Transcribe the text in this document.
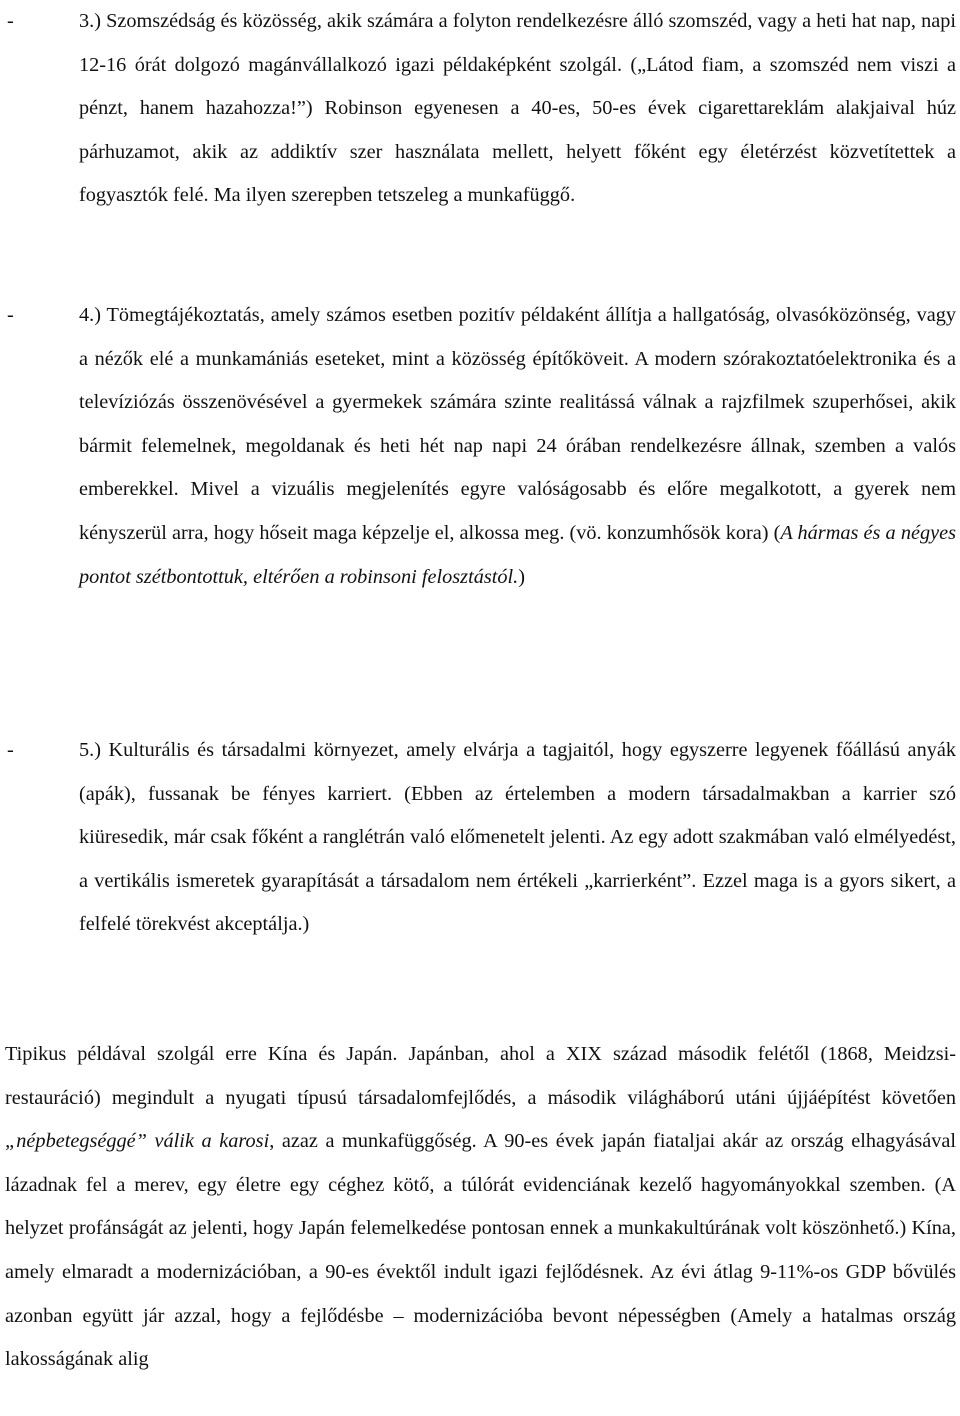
-	3.) Szomszédság és közösség, akik számára a folyton rendelkezésre álló szomszéd, vagy a heti hat nap, napi 12-16 órát dolgozó magánvállalkozó igazi példaképként szolgál. („Látod fiam, a szomszéd nem viszi a pénzt, hanem hazahozza!”) Robinson egyenesen a 40-es, 50-es évek cigarettareklám alakjaival húz párhuzamot, akik az addiktív szer használata mellett, helyett főként egy életérzést közvetítettek a fogyasztók felé. Ma ilyen szerepben tetszeleg a munkafüggő.

-	4.) Tömegtájékoztatás, amely számos esetben pozitív példaként állítja a hallgatóság, olvasóközönség, vagy a nézők elé a munkamániás eseteket, mint a közösség építőköveit. A modern szórakoztatóelektronika és a televíziózás összenövésével a gyermekek számára szinte realitássá válnak a rajzfilmek szuperhősei, akik bármit felemelnek, megoldanak és heti hét nap napi 24 órában rendelkezésre állnak, szemben a valós emberekkel. Mivel a vizuális megjelenítés egyre valóságosabb és előre megalkotott, a gyerek nem kényszerül arra, hogy hőseit maga képzelje el, alkossa meg. (vö. konzumhősök kora) (A hármas és a négyes pontot szétbontottuk, eltérően a robinsoni felosztástól.)

-	5.) Kulturális és társadalmi környezet, amely elvárja a tagjaitól, hogy egyszerre legyenek főállású anyák (apák), fussanak be fényes karriert. (Ebben az értelemben a modern társadalmakban a karrier szó kiüresedik, már csak főként a ranglétrán való előmenetelt jelenti. Az egy adott szakmában való elmélyedést, a vertikális ismeretek gyarapítását a társadalom nem értékeli „karrierként”. Ezzel maga is a gyors sikert, a felfelé törekvést akceptálja.)

Tipikus példával szolgál erre Kína és Japán. Japánban, ahol a XIX század második felétől (1868, Meidzsi- restauráció) megindult a nyugati típusú társadalomfejlődés, a második világháború utáni újjáépítést követően „népbetegséggé” válik a karosi, azaz a munkafüggőség. A 90-es évek japán fiataljai akár az ország elhagyásával lázadnak fel a merev, egy életre egy céghez kötő, a túlórát evidenciának kezelő hagyományokkal szemben. (A helyzet profánságát az jelenti, hogy Japán felemelkedése pontosan ennek a munkakultúrának volt köszönhető.) Kína, amely elmaradt a modernizációban, a 90-es évektől indult igazi fejlődésnek. Az évi átlag 9-11%-os GDP bővülés azonban együtt jár azzal, hogy a fejlődésbe – modernizációba bevont népességben (Amely a hatalmas ország lakosságának alig
